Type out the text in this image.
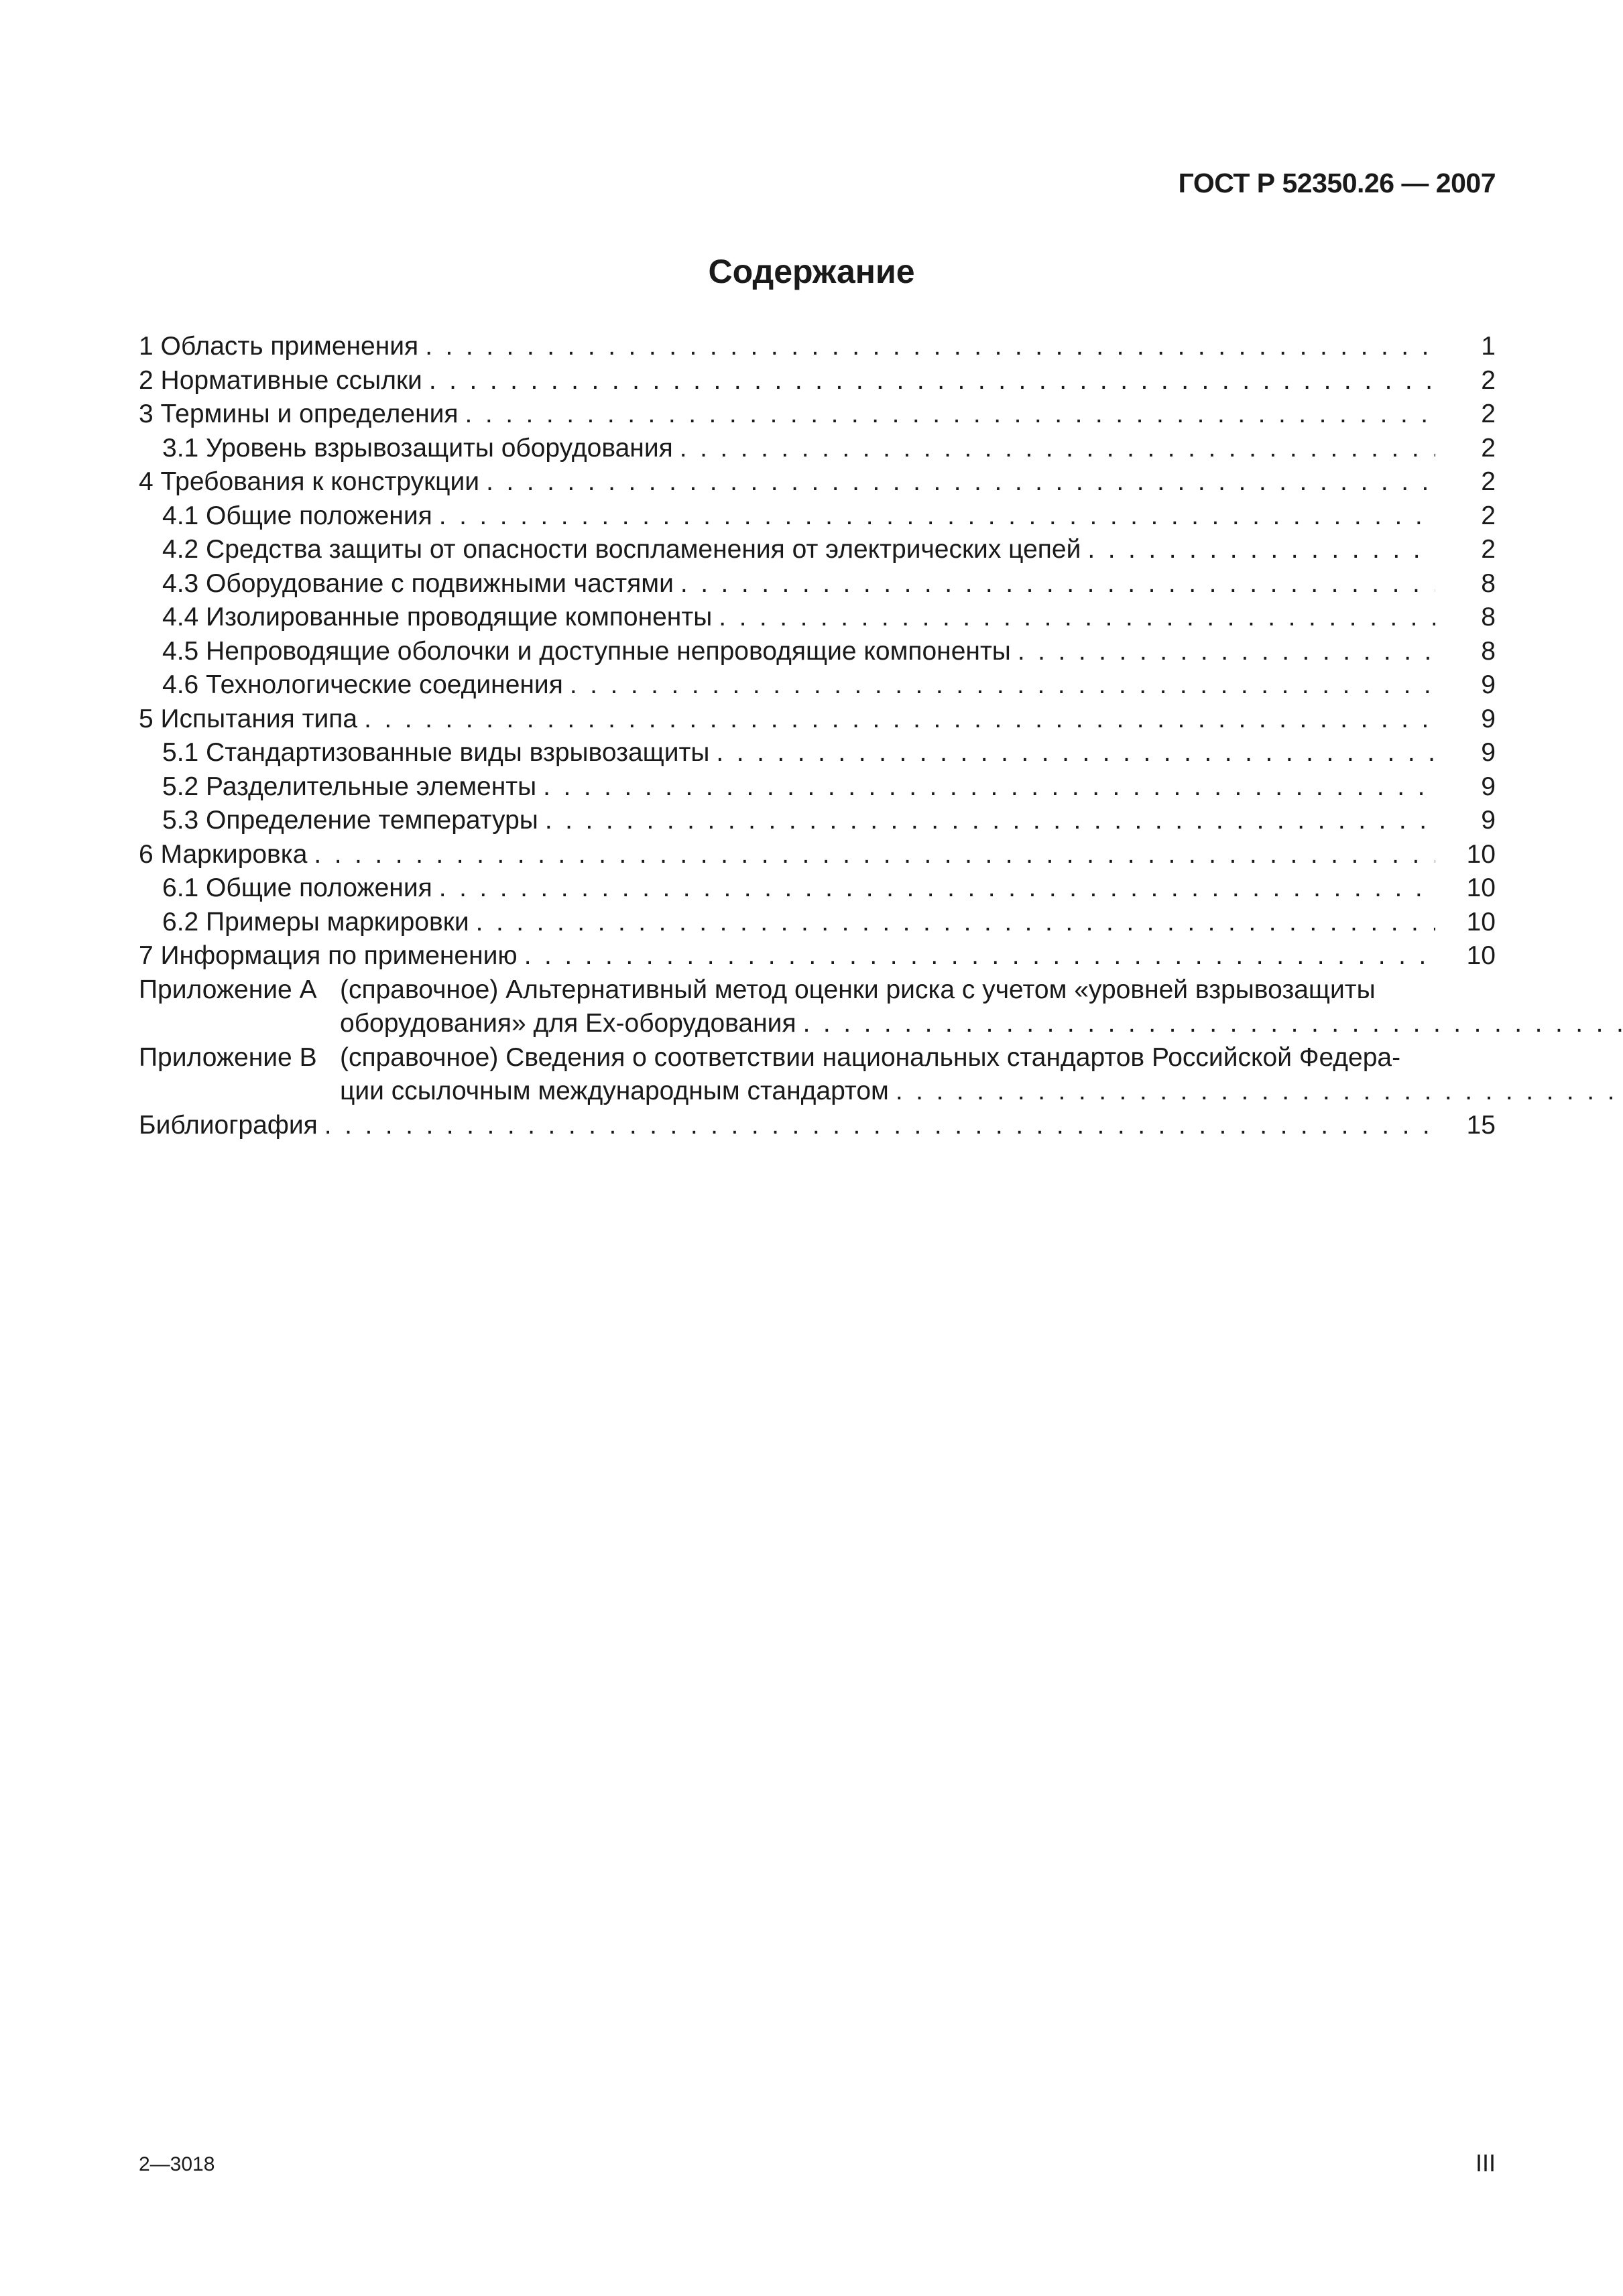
ГОСТ Р 52350.26 — 2007
Содержание
1 Область применения .....	1
2 Нормативные ссылки .....	2
3 Термины и определения .....	2
3.1 Уровень взрывозащиты оборудования .....	2
4 Требования к конструкции .....	2
4.1 Общие положения .....	2
4.2 Средства защиты от опасности воспламенения от электрических цепей .....	2
4.3 Оборудование с подвижными частями .....	8
4.4 Изолированные проводящие компоненты .....	8
4.5 Непроводящие оболочки и доступные непроводящие компоненты .....	8
4.6 Технологические соединения .....	9
5 Испытания типа .....	9
5.1 Стандартизованные виды взрывозащиты .....	9
5.2 Разделительные элементы .....	9
5.3 Определение температуры .....	9
6 Маркировка .....	10
6.1 Общие положения .....	10
6.2 Примеры маркировки .....	10
7 Информация по применению .....	10
Приложение А (справочное) Альтернативный метод оценки риска с учетом «уровней взрывозащиты
оборудования» для Ex-оборудования
.....
Приложение В (справочное) Сведения о соответствии национальных стандартов Российской Федера-
ции ссылочным международным стандартом
.....
Библиография .....	15
2—3018	III
